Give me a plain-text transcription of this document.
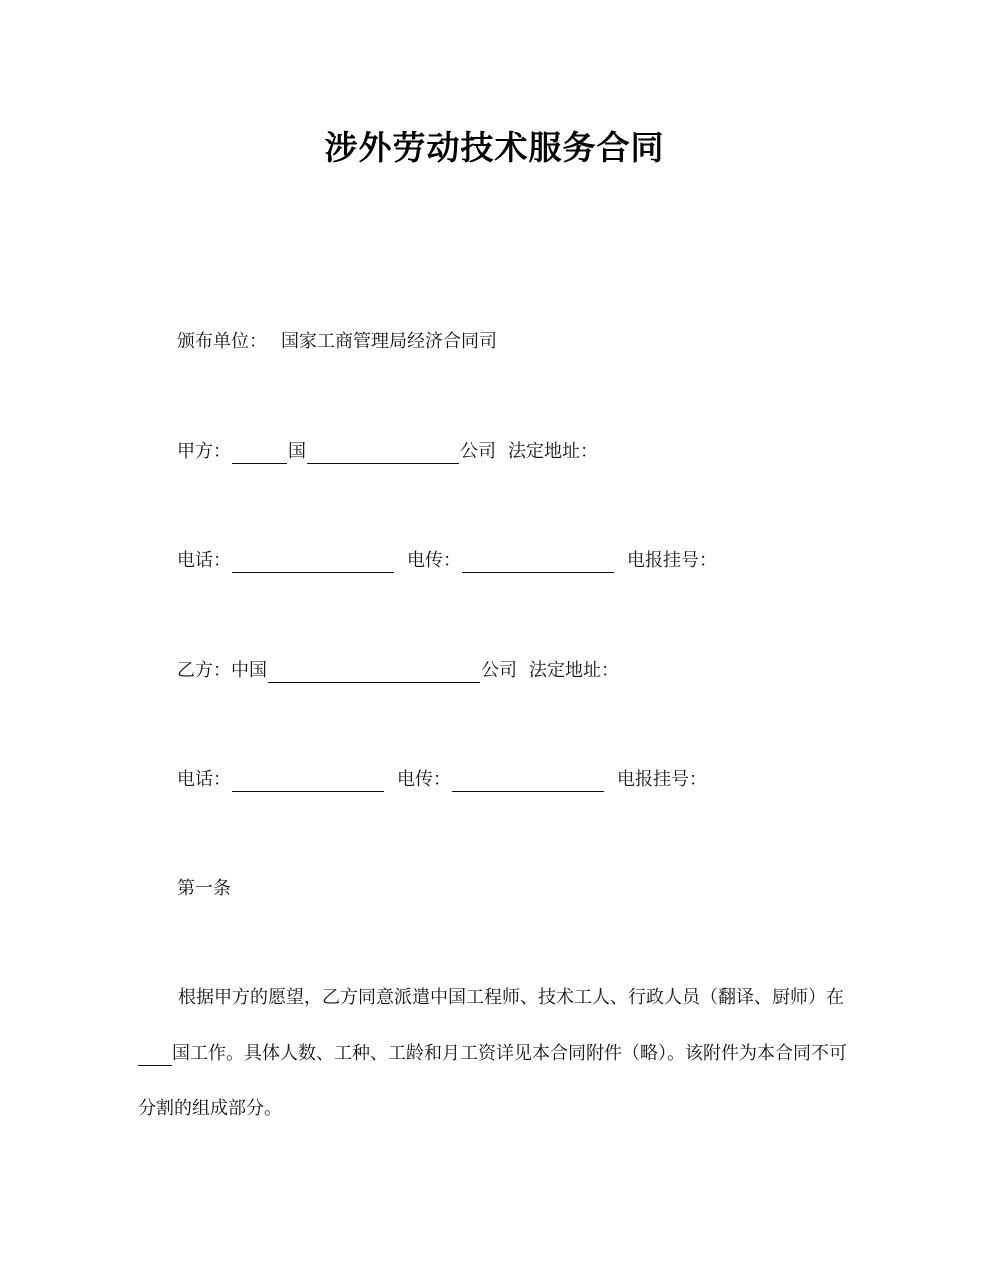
涉外劳动技术服务合同
颁布单位： 国家工商管理局经济合同司
甲方：	国	公司 法定地址：
电话：	电传：	电报挂号：
乙方： 中国	公司 法定地址：
电话：	电传：	电报挂号：
第一条
根据甲方的愿望，乙方同意派遣中国工程师、技术工人、行政人员（翻译、厨师）在
国工作。具体人数、工种、工龄和月工资详见本合同附件（略）。该附件为本合同不可
分割的组成部分。
